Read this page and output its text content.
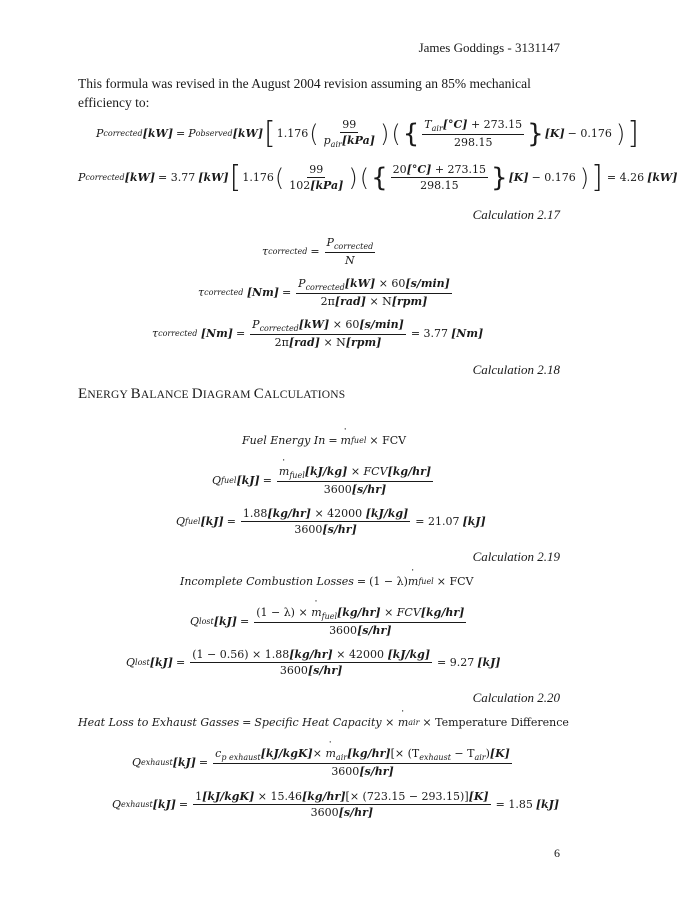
James Goddings - 3131147
This formula was revised in the August 2004 revision assuming an 85% mechanical efficiency to:
P corrected [kW] = P observed [kW] [ 1.176 ( $\frac{99}{p_{air}[kPa]}$ ) ( { $\frac{T_{air}[^\circ C] + 273.15}{298.15}$ } [K] − 0.176 ) ]
P corrected [kW] = 3.77 [kW] [ 1.176 ( $\frac{99}{\text{102[kPa]}}$ ) ( { $\frac{20[^\circ C] + 273.15}{298.15}$ } [K] − 0.176 ) ] = 4.26 [kW]
Calculation 2.17
τ corrected = $\frac{P_{corrected}}{N}$
τ corrected
$[Nm] = \frac{P_{corrected}[kW] \times 60[s/\min]}{\text{2π[rad] × N[rpm]}}$
τ corrected
$[Nm] = \frac{P_{corrected}[kW] \times 60[s/\min]}{\text{2π[rad] × N[rpm]}} = 3.77$ [Nm]
Calculation 2.18
ENERGY BALANCE DIAGRAM CALCULATIONS
Fuel Energy In = m ˙ fuel × FCV
Q fuel $[kJ] = \frac{m ˙_{fuel}[kJ/kg] \times FCV[kg/hr]}{3600[s/hr]}$
Q fuel $[kJ] = \frac{1.88[kg/hr] \times 42000 [kJ/kg]}{3600[s/hr]} = 21.07$ [kJ]
Calculation 2.19
Incomplete Combustion Losses = (1 − λ) m ˙ fuel × FCV
Q lost $[kJ] = \frac{(1 - \lambda) \times m ˙_{fuel}[kg/hr] \times FCV[kg/hr]}{3600[s/hr]}$
Q lost $[kJ] = \frac{(1 - 0.56) \times 1.88[kg/hr] \times 42000 [kJ/kg]}{3600[s/hr]} = 9.27$ [kJ]
Calculation 2.20
Heat Loss to Exhaust Gasses = Specific Heat Capacity ×
m ˙ air × Temperature Difference
Q exhaust $[kJ] = \frac{c_{p exhaust}[kJ/kgK]\times m ˙_{air}[kg/hr][\times (T_{exhaust} - T_{air})[K]}{3600[s/hr]}$
Q exhaust $[kJ] = \frac{\text{1[kJ/kgK] × 15.46[kg/hr][× (723.15 − 293.15)][K]}}{3600[s/hr]} = 1.85$ [kJ]
6
